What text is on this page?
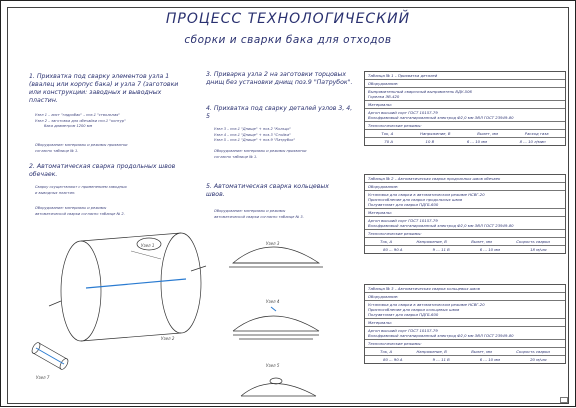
ПРОЦЕСС ТЕХНОЛОГИЧЕСКИЙ
сборки и сварки бака для отходов
1. Прихватка под сварку элементов узла 1 (ввалец или корпус бака) и узла 7 (заготовки или конструкции: заводных и выводных пластин.
Узел 1 – лист "гидробак" – поз.1 "ствольная"
Узел 2 – заготовка для обечайки поз.1 "контур"
бака диаметром 1200 мм
Оборудование: материалы и режимы прихватки
согласно таблице № 1.
2. Автоматическая сварка продольных швов обечаек.
Сварку осуществляют с применением заводных
и выводных пластин.
Оборудование: материалы и режимы
автоматической сварки согласно таблице № 2.
3. Приварка узла 2 на заготовки торцовых днищ без установки днищ поз.9 "Патрубок".
4. Прихватка под сварку деталей узлов 3, 4, 5
Узел 3 – поз.1 "Днище" + поз.2 "Кольцо"
Узел 4 – поз.1 "Днище" + поз.3 "Стойка"
Узел 5 – поз.1 "Днище" + поз.9 "Патрубок"
Оборудование: материалы и режимы прихватки
согласно таблице № 1.
5. Автоматическая сварка кольцевых швов.
Оборудование: материалы и режимы
автоматической сварки согласно таблице № 3.
Узел 1
Узел 2
Узел 7
Узел 3
Узел 4
Узел 5
Таблица № 1 – Прихватка деталей
Оборудование:
Выпрямительный сварочный выпрямитель ВДУ-506
Горелка ЭВ-420
Материалы:
Аргон высший сорт ГОСТ 10157-79
Вольфрамовый лантанированный электрод Ф2,0 мм ЭВЛ ГОСТ 23949-80
Технологические режимы:
Ток, А	Напряжение, В	Вылет, мм	Расход газа
70 А	10 В	6 ... 10 мм	8 ... 10 л/мин
Таблица № 2 – Автоматическая сварка продольных швов обечаек
Оборудование:
Установка для сварки в автоматическом режиме НСВГ-20
Приспособление для сварки продольных швов
Полуавтомат для сварки ПДГБ-600
Материалы:
Аргон высший сорт ГОСТ 10157-79
Вольфрамовый лантанированный электрод Ф2,0 мм ЭВЛ ГОСТ 23949-80
Технологические режимы:
Ток, А	Напряжение, В	Вылет, мм	Скорость сварки
80 ... 90 А	9 ... 11 В	6 ... 10 мм	18 м/час
Таблица № 3 – Автоматическая сварка кольцевых швов
Оборудование:
Установка для сварки в автоматическом режиме НСВГ-20
Приспособление для сварки кольцевых швов
Полуавтомат для сварки ПДГБ-600
Материалы:
Аргон высший сорт ГОСТ 10157-79
Вольфрамовый лантанированный электрод Ф2,0 мм ЭВЛ ГОСТ 23949-80
Технологические режимы:
Ток, А	Напряжение, В	Вылет, мм	Скорость сварки
80 ... 90 А	9 ... 11 В	6 ... 10 мм	20 м/час
